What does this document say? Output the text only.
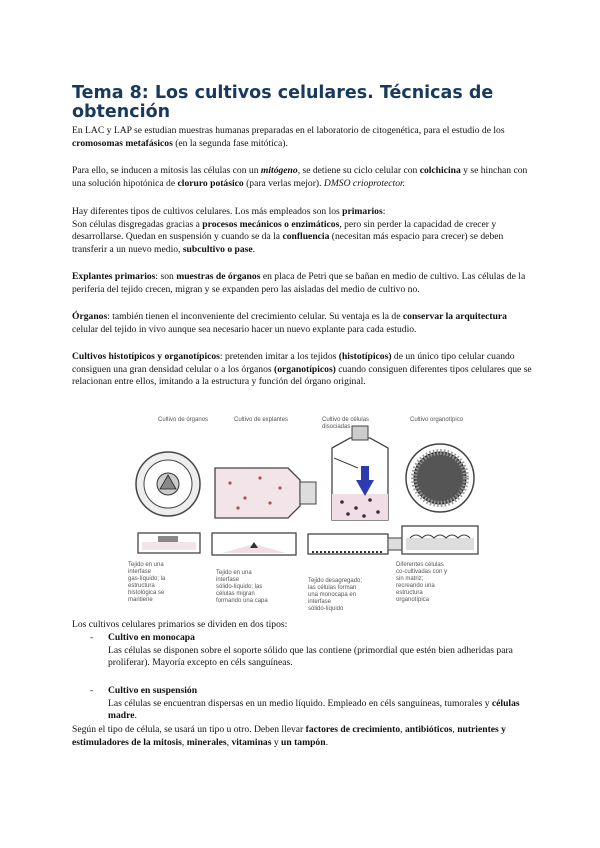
Tema 8: Los cultivos celulares. Técnicas de obtención

En LAC y LAP se estudian muestras humanas preparadas en el laboratorio de citogenética, para el estudio de los cromosomas metafásicos (en la segunda fase mitótica).

Para ello, se inducen a mitosis las células con un mitógeno, se detiene su ciclo celular con colchicina y se hinchan con una solución hipotónica de cloruro potásico (para verlas mejor). DMSO crioprotector.

Hay diferentes tipos de cultivos celulares. Los más empleados son los primarios:
Son células disgregadas gracias a procesos mecánicos o enzimáticos, pero sin perder la capacidad de crecer y desarrollarse. Quedan en suspensión y cuando se da la confluencia (necesitan más espacio para crecer) se deben transferir a un nuevo medio, subcultivo o pase.

Explantes primarios: son muestras de órganos en placa de Petri que se bañan en medio de cultivo. Las células de la periferia del tejido crecen, migran y se expanden pero las aisladas del medio de cultivo no.

Órganos: también tienen el inconveniente del crecimiento celular. Su ventaja es la de conservar la arquitectura celular del tejido in vivo aunque sea necesario hacer un nuevo explante para cada estudio.

Cultivos histotípicos y organotípicos: pretenden imitar a los tejidos (histotípicos) de un único tipo celular cuando consiguen una gran densidad celular o a los órganos (organotípicos) cuando consiguen diferentes tipos celulares que se relacionan entre ellos, imitando a la estructura y función del órgano original.

Cultivo de órganos	Cultivo de explantes	Cultivo de células disociadas
Cultivo organotípico
Tejido en una interfase gas-líquido; la estructura histológica se mantiene
Tejido en una interfase sólido-líquido; las células migran formando una capa
Tejido desagregado; las células forman una monocapa en interfase sólido-líquido
Diferentes células co-cultivadas con y sin matriz; recreando una estructura organotípica

Los cultivos celulares primarios se dividen en dos tipos:

- Cultivo en monocapa
Las células se disponen sobre el soporte sólido que las contiene (primordial que estén bien adheridas para proliferar). Mayoría excepto en céls sanguíneas.

- Cultivo en suspensión
Las células se encuentran dispersas en un medio líquido. Empleado en céls sanguíneas, tumorales y células madre.

Según el tipo de célula, se usará un tipo u otro. Deben llevar factores de crecimiento, antibióticos, nutrientes y estimuladores de la mitosis, minerales, vitaminas y un tampón.
